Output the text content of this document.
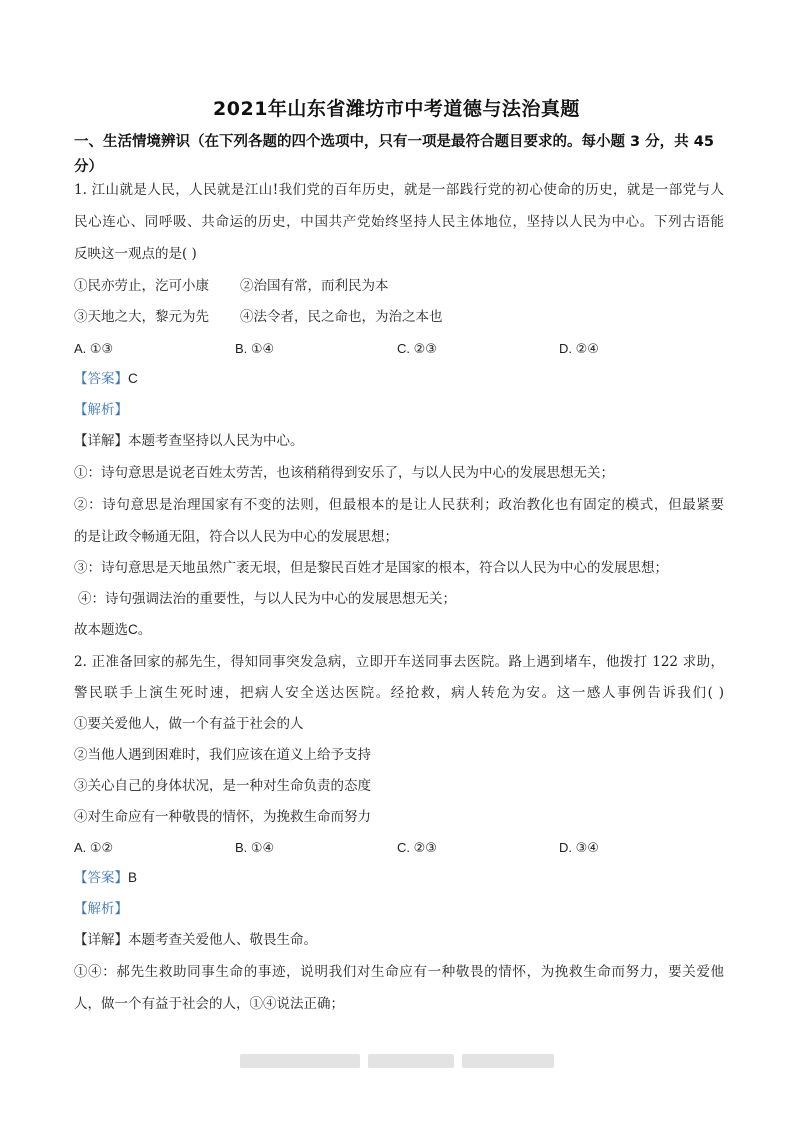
2021年山东省潍坊市中考道德与法治真题
一、生活情境辨识（在下列各题的四个选项中，只有一项是最符合题目要求的。每小题 3 分，共 45 分）
1. 江山就是人民，人民就是江山!我们党的百年历史，就是一部践行党的初心使命的历史，就是一部党与人
民心连心、同呼吸、共命运的历史，中国共产党始终坚持人民主体地位，坚持以人民为中心。下列古语能
反映这一观点的是( )
①民亦劳止，汔可小康 ②治国有常，而利民为本
③天地之大，黎元为先 ④法令者，民之命也，为治之本也
A. ①③	B. ①④	C. ②③	D. ②④
【答案】C
【解析】
【详解】本题考查坚持以人民为中心。
①：诗句意思是说老百姓太劳苦，也该稍稍得到安乐了，与以人民为中心的发展思想无关；
②：诗句意思是治理国家有不变的法则，但最根本的是让人民获利；政治教化也有固定的模式，但最紧要
的是让政令畅通无阻，符合以人民为中心的发展思想；
③：诗句意思是天地虽然广袤无垠，但是黎民百姓才是国家的根本，符合以人民为中心的发展思想；
④：诗句强调法治的重要性，与以人民为中心的发展思想无关；
故本题选C。
2. 正准备回家的郝先生，得知同事突发急病，立即开车送同事去医院。路上遇到堵车，他拨打 122 求助，
警民联手上演生死时速，把病人安全送达医院。经抢救，病人转危为安。这一感人事例告诉我们( )
①要关爱他人，做一个有益于社会的人
②当他人遇到困难时，我们应该在道义上给予支持
③关心自己的身体状况，是一种对生命负责的态度
④对生命应有一种敬畏的情怀，为挽救生命而努力
A. ①②	B. ①④	C. ②③	D. ③④
【答案】B
【解析】
【详解】本题考查关爱他人、敬畏生命。
①④：郝先生救助同事生命的事迹，说明我们对生命应有一种敬畏的情怀，为挽救生命而努力，要关爱他
人，做一个有益于社会的人，①④说法正确；
